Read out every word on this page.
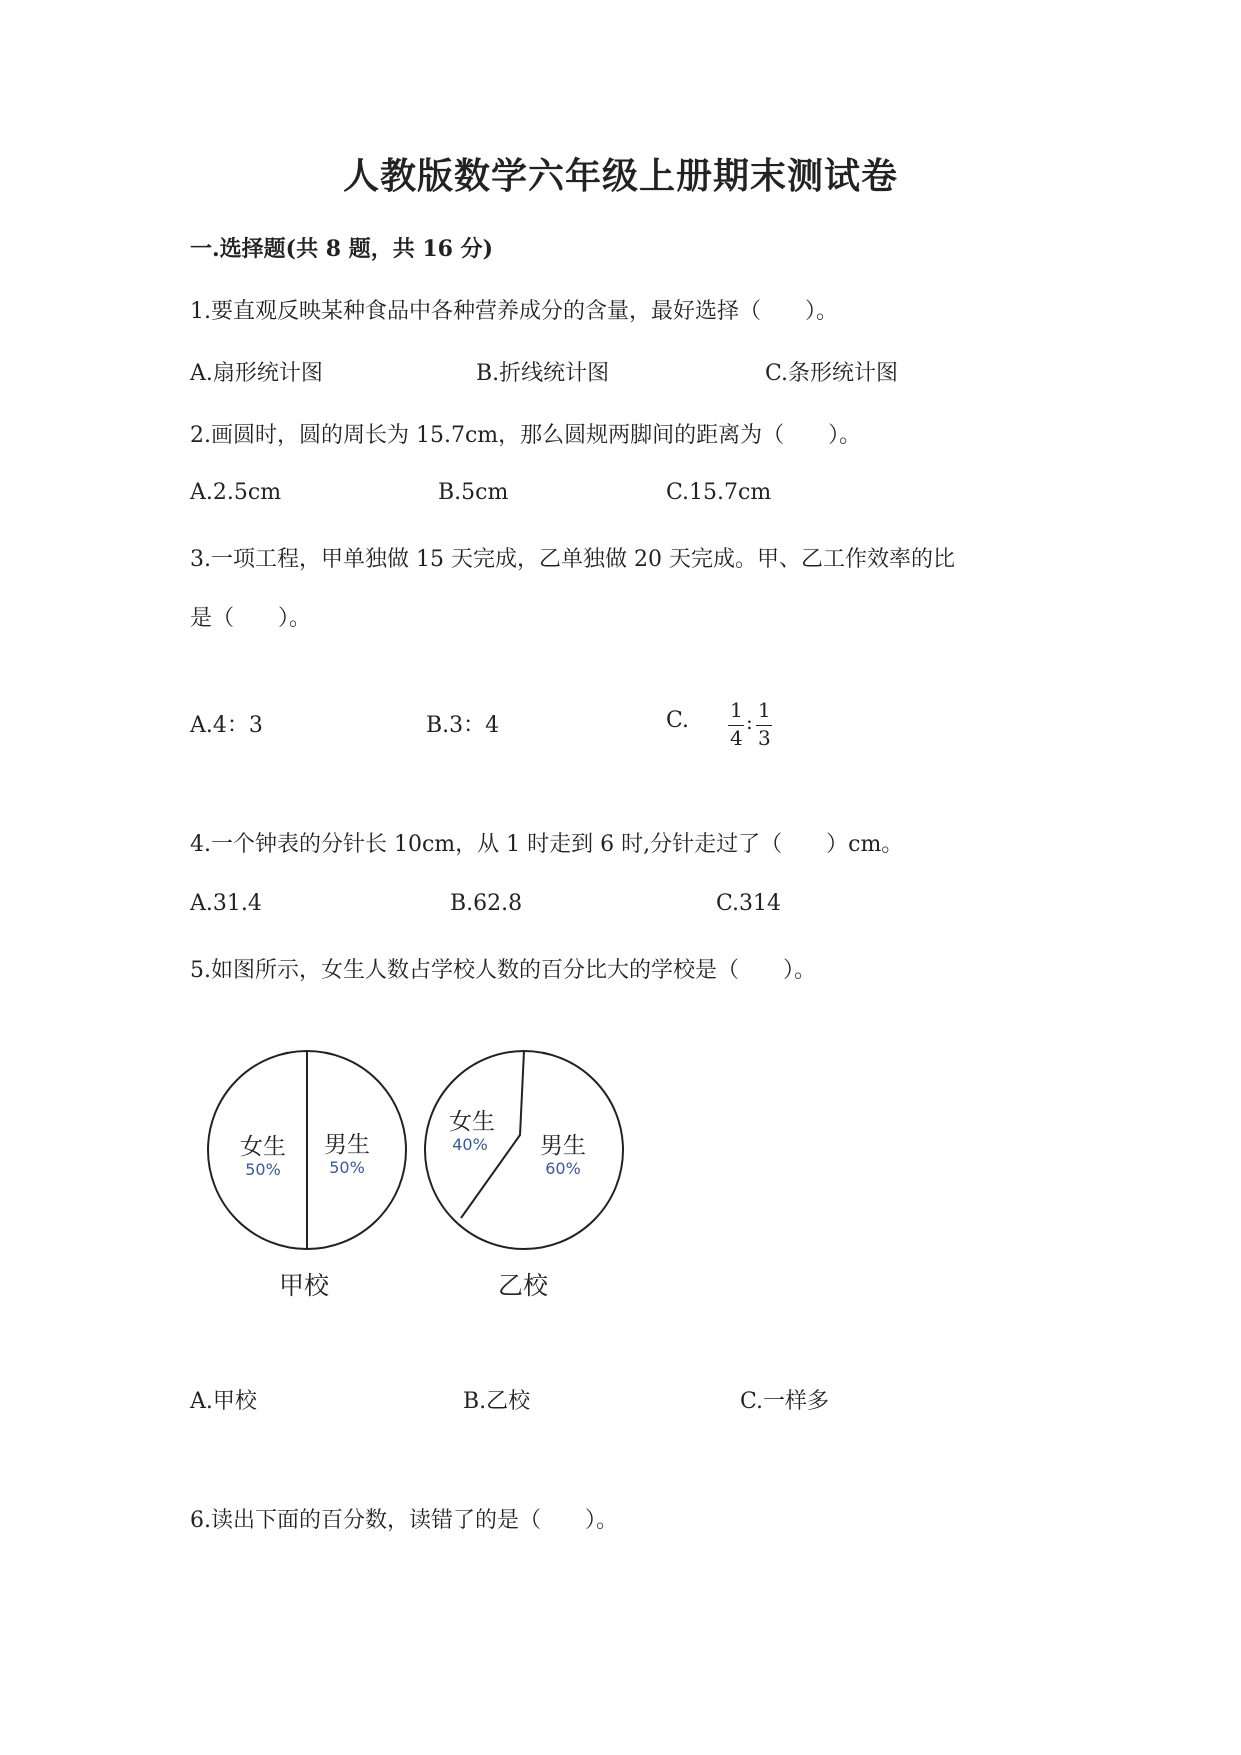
人教版数学六年级上册期末测试卷
一.选择题(共 8 题，共 16 分)
1.要直观反映某种食品中各种营养成分的含量，最好选择（　　）。
A.扇形统计图	B.折线统计图	C.条形统计图
2.画圆时，圆的周长为 15.7cm，那么圆规两脚间的距离为（　　）。
A.2.5cm	B.5cm	C.15.7cm
3.一项工程，甲单独做 15 天完成，乙单独做 20 天完成。甲、乙工作效率的比
是（　　）。
A.4：3	B.3：4	C. 1
4
: 1
3
4.一个钟表的分针长 10cm，从 1 时走到 6 时,分针走过了（　　）cm。
A.31.4	B.62.8	C.314
5.如图所示，女生人数占学校人数的百分比大的学校是（　　）。
女生
50%
男生
50%
甲校
女生
40% 男生
60%
乙校
A.甲校	B.乙校	C.一样多
6.读出下面的百分数，读错了的是（　　）。
